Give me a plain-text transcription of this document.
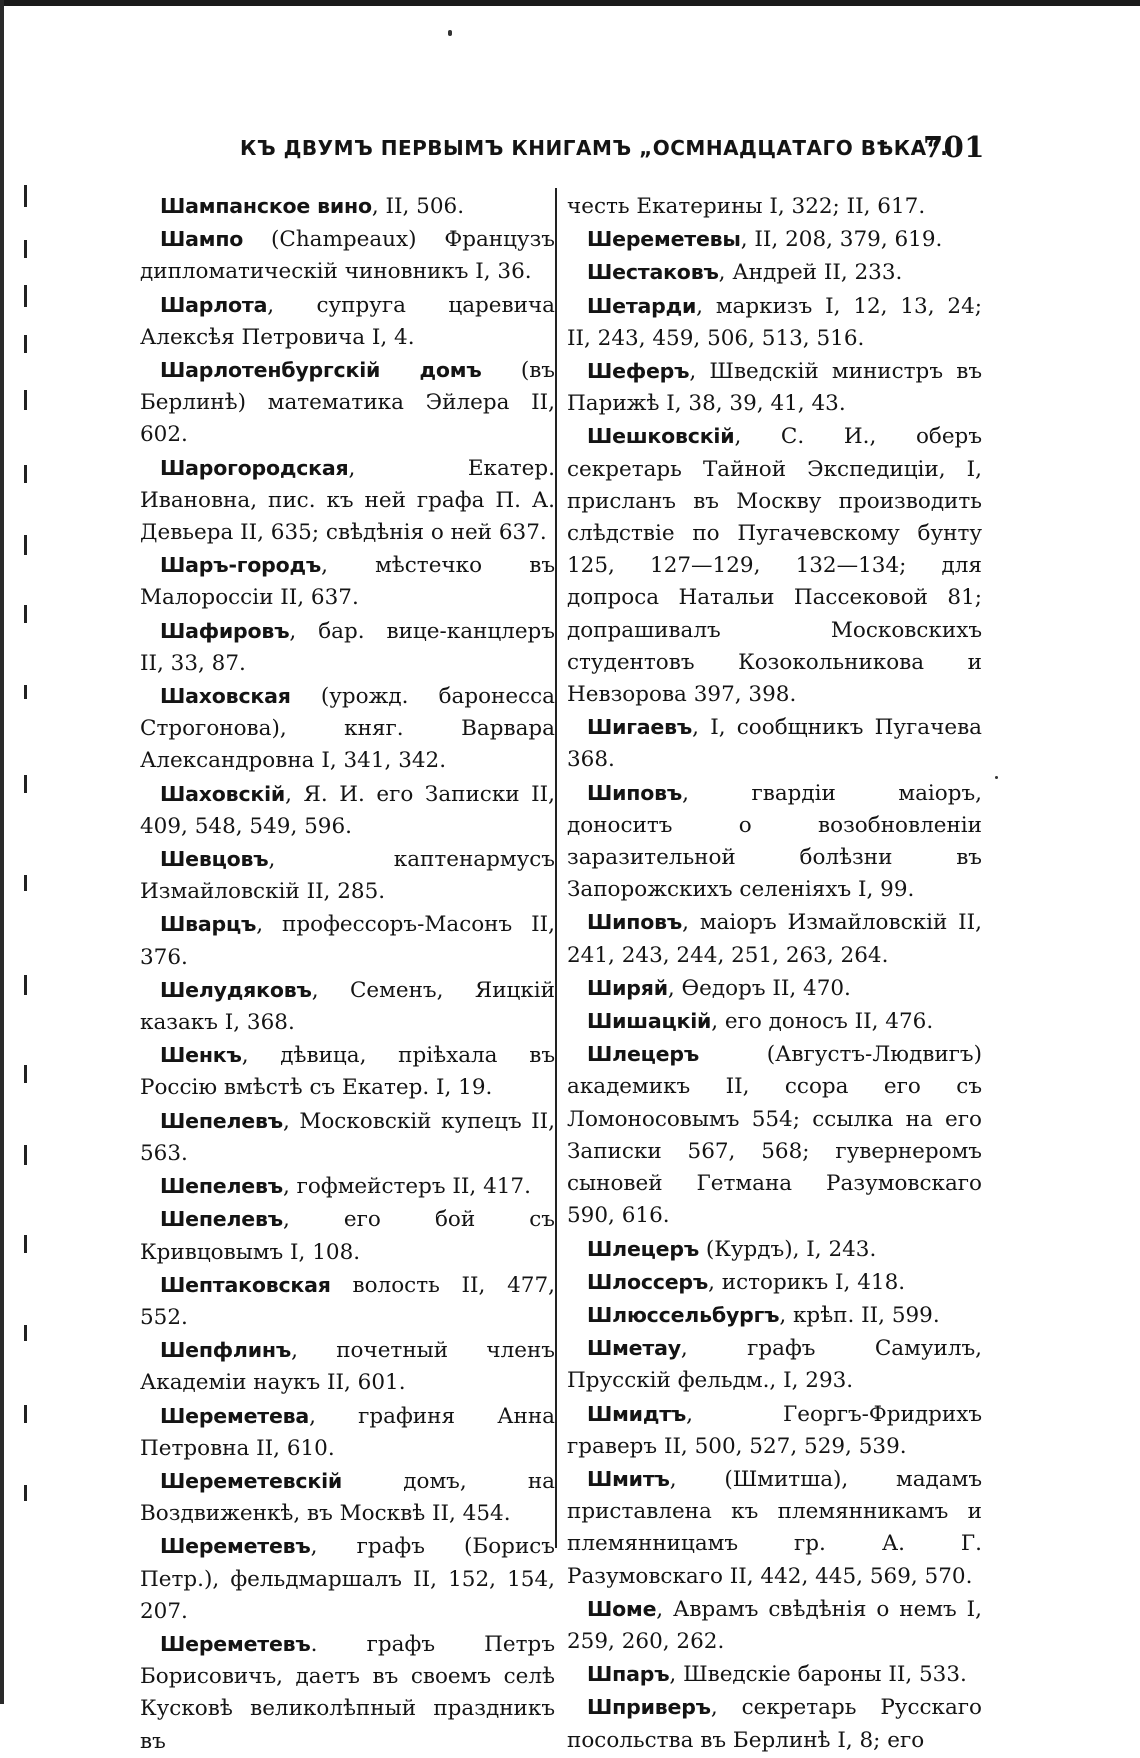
КЪ ДВУМЪ ПЕРВЫМЪ КНИГАМЪ „ОСМНАДЦАТАГО ВѢКА“.
701

Шампанское вино, II, 506.

Шампо (Champeaux) Французъ дипломатическій чиновникъ I, 36.

Шарлота, супруга царевича Алексѣя Петровича I, 4.

Шарлотенбургскій домъ (въ Берлинѣ) математика Эйлера II, 602.

Шарогородская, Екатер. Ивановна, пис. къ ней графа П. А. Девьера II, 635; свѣдѣнія о ней 637.

Шаръ-городъ, мѣстечко въ Малороссіи II, 637.

Шафировъ, бар. вице-канцлеръ II, 33, 87.

Шаховская (урожд. баронесса Строгонова), княг. Варвара Александровна I, 341, 342.

Шаховскій, Я. И. его Записки II, 409, 548, 549, 596.

Шевцовъ, каптенармусъ Измайловскій II, 285.

Шварцъ, профессоръ-Масонъ II, 376.

Шелудяковъ, Семенъ, Яицкій казакъ I, 368.

Шенкъ, дѣвица, пріѣхала въ Россію вмѣстѣ съ Екатер. I, 19.

Шепелевъ, Московскій купецъ II, 563.

Шепелевъ, гофмейстеръ II, 417.

Шепелевъ, его бой съ Кривцовымъ I, 108.

Шептаковская волость II, 477, 552.

Шепфлинъ, почетный членъ Академіи наукъ II, 601.

Шереметева, графиня Анна Петровна II, 610.

Шереметевскій домъ, на Воздвиженкѣ, въ Москвѣ II, 454.

Шереметевъ, графъ (Борисъ Петр.), фельдмаршалъ II, 152, 154, 207.

Шереметевъ. графъ Петръ Борисовичъ, даетъ въ своемъ селѣ Кусковѣ великолѣпный праздникъ въ

честь Екатерины I, 322; II, 617.

Шереметевы, II, 208, 379, 619.

Шестаковъ, Андрей II, 233.

Шетарди, маркизъ I, 12, 13, 24; II, 243, 459, 506, 513, 516.

Шеферъ, Шведскій министръ въ Парижѣ I, 38, 39, 41, 43.

Шешковскій, С. И., оберъ секретарь Тайной Экспедиціи, I, присланъ въ Москву производить слѣдствіе по Пугачевскому бунту 125, 127—129, 132—134; для допроса Натальи Пассековой 81; допрашивалъ Московскихъ студентовъ Козокольникова и Невзорова 397, 398.

Шигаевъ, I, сообщникъ Пугачева 368.

Шиповъ, гвардіи маіоръ, доноситъ о возобновленіи заразительной болѣзни въ Запорожскихъ селеніяхъ I, 99.

Шиповъ, маіоръ Измайловскій II, 241, 243, 244, 251, 263, 264.

Ширяй, Ѳедоръ II, 470.

Шишацкій, его доносъ II, 476.

Шлецеръ (Августъ-Людвигъ) академикъ II, ссора его съ Ломоносовымъ 554; ссылка на его Записки 567, 568; гувернеромъ сыновей Гетмана Разумовскаго 590, 616.

Шлецеръ (Курдъ), I, 243.

Шлоссеръ, историкъ I, 418.

Шлюссельбургъ, крѣп. II, 599.

Шметау, графъ Самуилъ, Прусскій фельдм., I, 293.

Шмидтъ, Георгъ-Фридрихъ граверъ II, 500, 527, 529, 539.

Шмитъ, (Шмитша), мадамъ приставлена къ племянникамъ и племянницамъ гр. А. Г. Разумовскаго II, 442, 445, 569, 570.

Шоме, Аврамъ свѣдѣнія о немъ I, 259, 260, 262.

Шпаръ, Шведскіе бароны II, 533.

Шприверъ, секретарь Русскаго посольства въ Берлинѣ I, 8; его
